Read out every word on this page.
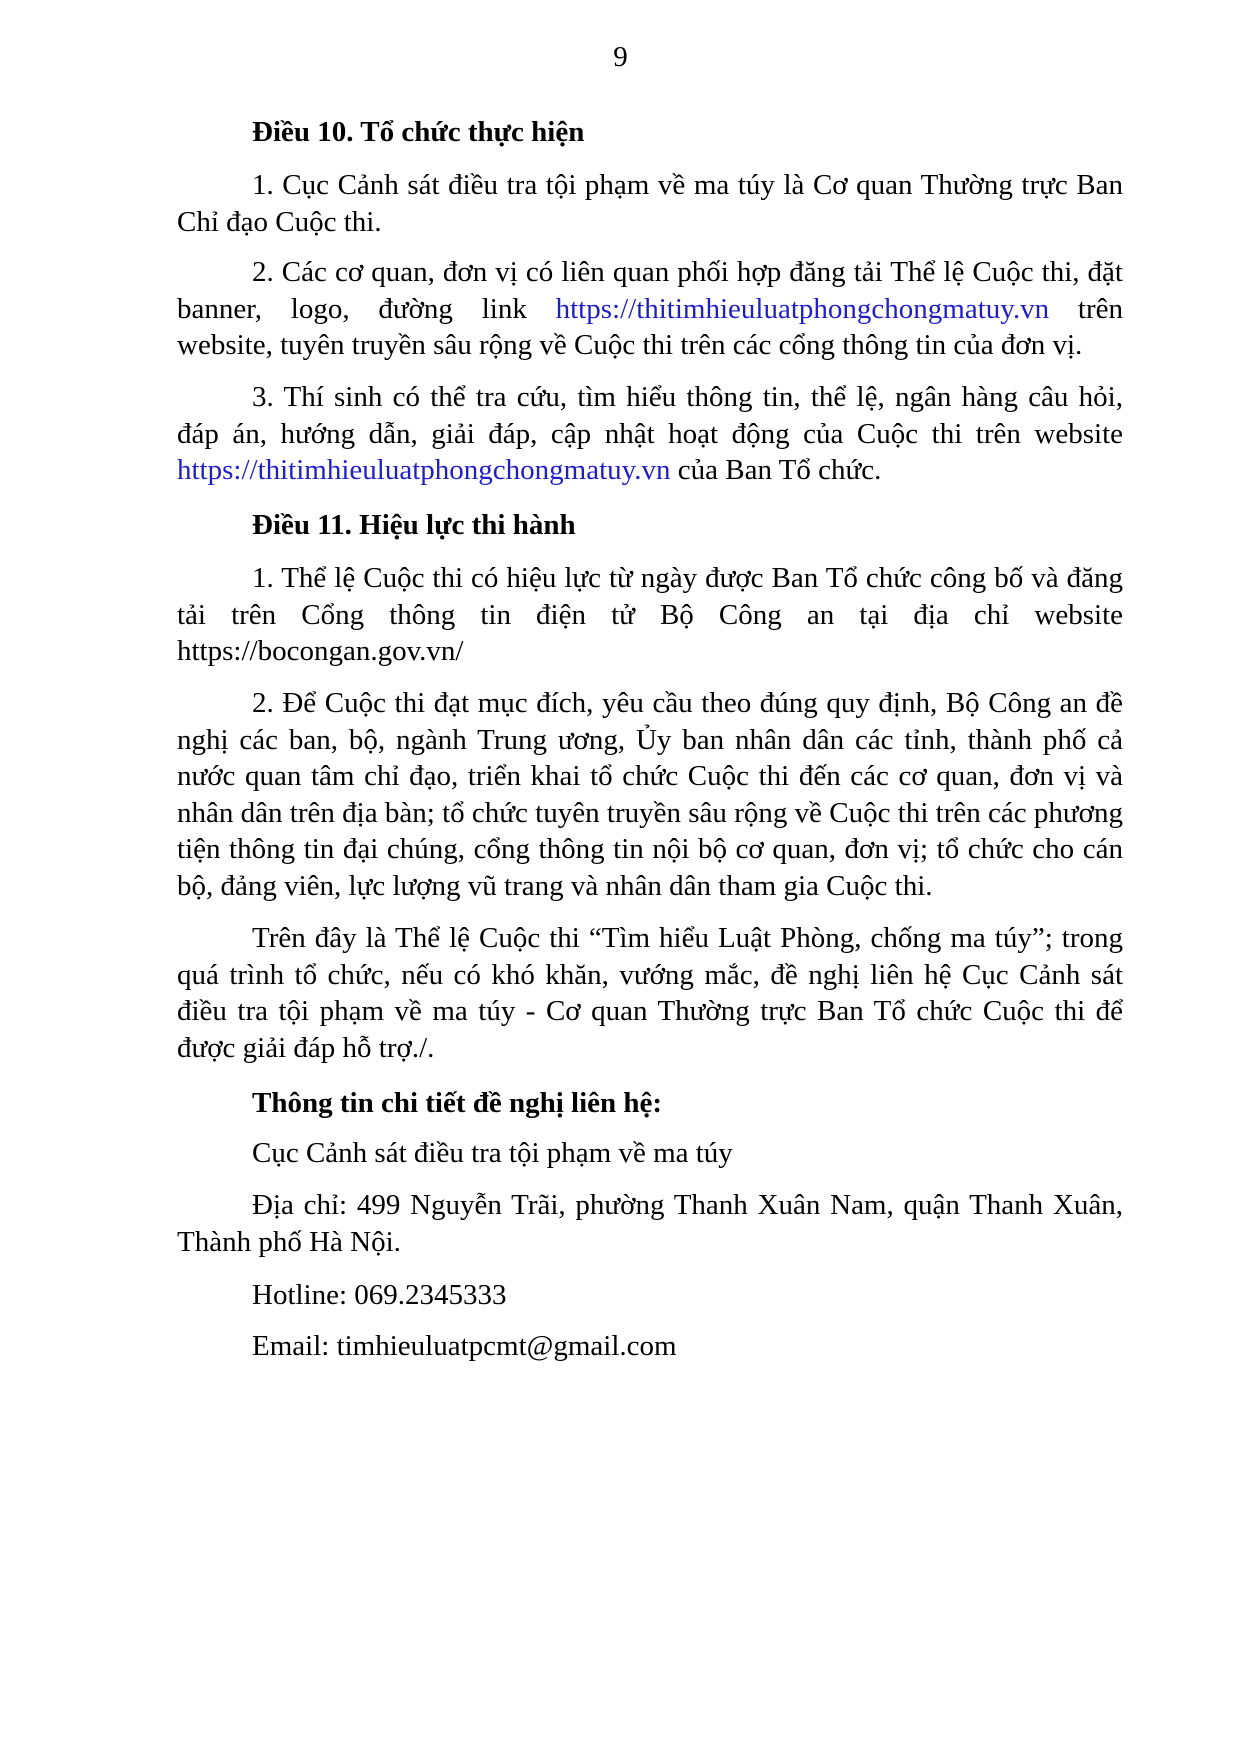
9
Điều 10. Tổ chức thực hiện
1. Cục Cảnh sát điều tra tội phạm về ma túy là Cơ quan Thường trực Ban
Chỉ đạo Cuộc thi.
2. Các cơ quan, đơn vị có liên quan phối hợp đăng tải Thể lệ Cuộc thi, đặt
banner, logo, đường link https://thitimhieuluatphongchongmatuy.vn trên
website, tuyên truyền sâu rộng về Cuộc thi trên các cổng thông tin của đơn vị.
3. Thí sinh có thể tra cứu, tìm hiểu thông tin, thể lệ, ngân hàng câu hỏi,
đáp án, hướng dẫn, giải đáp, cập nhật hoạt động của Cuộc thi trên website
https://thitimhieuluatphongchongmatuy.vn của Ban Tổ chức.
Điều 11. Hiệu lực thi hành
1. Thể lệ Cuộc thi có hiệu lực từ ngày được Ban Tổ chức công bố và đăng
tải trên Cổng thông tin điện tử Bộ Công an tại địa chỉ website
https://bocongan.gov.vn/
2. Để Cuộc thi đạt mục đích, yêu cầu theo đúng quy định, Bộ Công an đề
nghị các ban, bộ, ngành Trung ương, Ủy ban nhân dân các tỉnh, thành phố cả
nước quan tâm chỉ đạo, triển khai tổ chức Cuộc thi đến các cơ quan, đơn vị và
nhân dân trên địa bàn; tổ chức tuyên truyền sâu rộng về Cuộc thi trên các phương
tiện thông tin đại chúng, cổng thông tin nội bộ cơ quan, đơn vị; tổ chức cho cán
bộ, đảng viên, lực lượng vũ trang và nhân dân tham gia Cuộc thi.
Trên đây là Thể lệ Cuộc thi “Tìm hiểu Luật Phòng, chống ma túy”; trong
quá trình tổ chức, nếu có khó khăn, vướng mắc, đề nghị liên hệ Cục Cảnh sát
điều tra tội phạm về ma túy - Cơ quan Thường trực Ban Tổ chức Cuộc thi để
được giải đáp hỗ trợ./.
Thông tin chi tiết đề nghị liên hệ:
Cục Cảnh sát điều tra tội phạm về ma túy
Địa chỉ: 499 Nguyễn Trãi, phường Thanh Xuân Nam, quận Thanh Xuân,
Thành phố Hà Nội.
Hotline: 069.2345333
Email: timhieuluatpcmt@gmail.com
